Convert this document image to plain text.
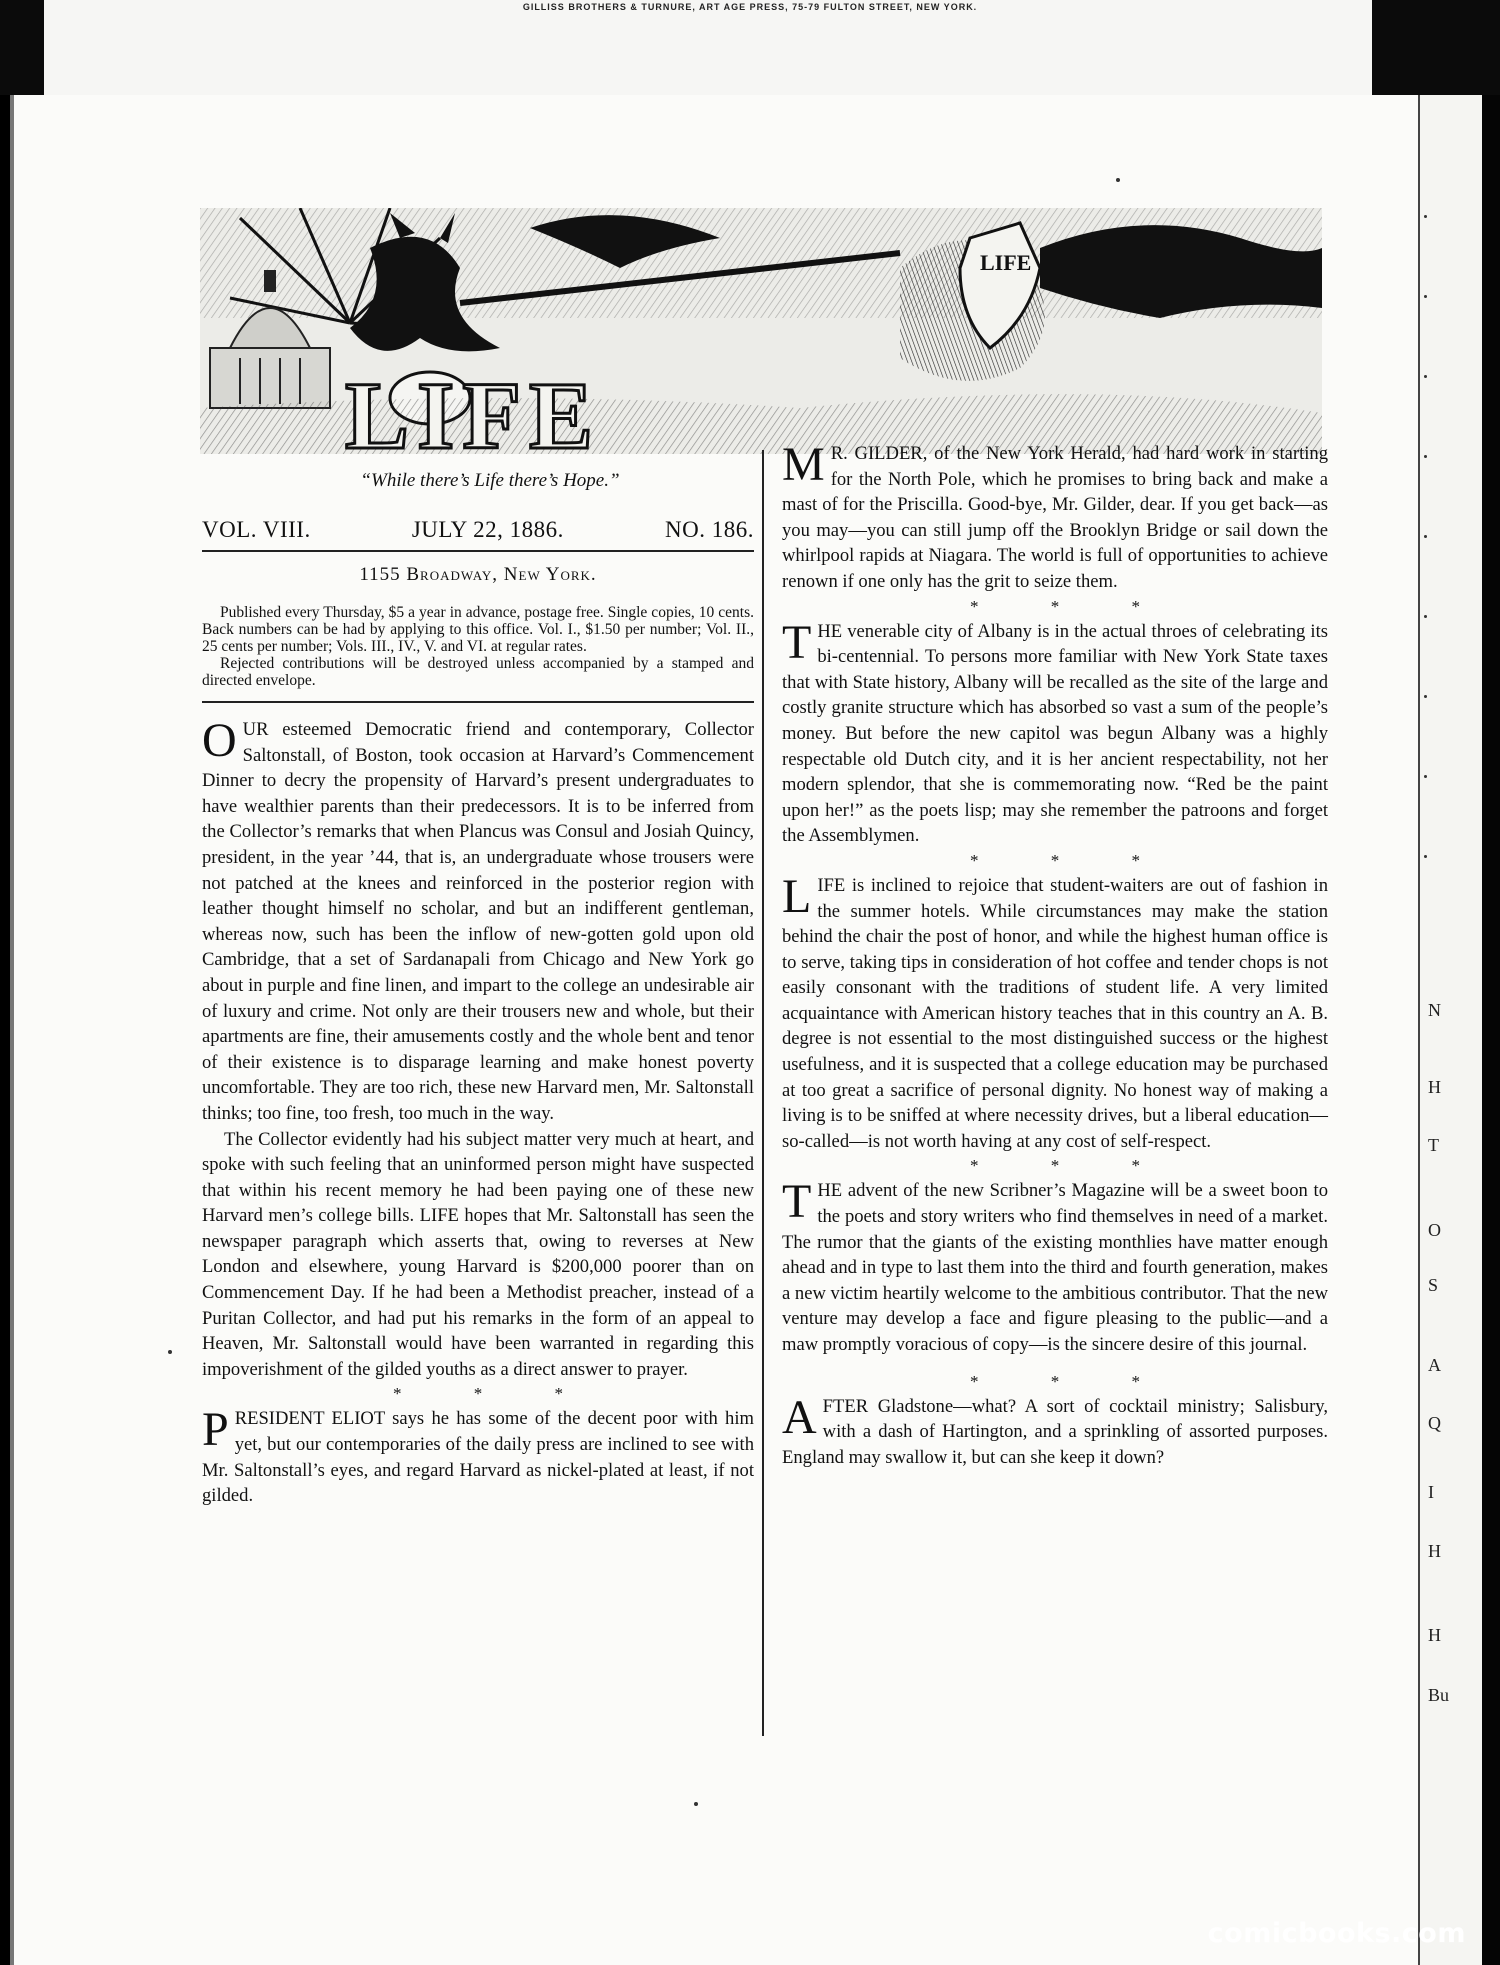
GILLISS BROTHERS & TURNURE, ART AGE PRESS, 75-79 FULTON STREET, NEW YORK.
N
H
T
O
S
A
Q
I
H
H
Bu
LIFE
LIFE
“While there’s Life there’s Hope.”
VOL. VIII.	JULY 22, 1886.	NO. 186.
1155 Broadway, New York.

Published every Thursday, $5 a year in advance, postage free. Single copies, 10 cents. Back numbers can be had by applying to this office. Vol. I., $1.50 per number; Vol. II., 25 cents per number; Vols. III., IV., V. and VI. at regular rates.

Rejected contributions will be destroyed unless accompanied by a stamped and directed envelope.

OUR esteemed Democratic friend and contemporary, Collector Saltonstall, of Boston, took occasion at Harvard’s Commencement Dinner to decry the propensity of Harvard’s present undergraduates to have wealthier parents than their predecessors. It is to be inferred from the Collector’s remarks that when Plancus was Consul and Josiah Quincy, president, in the year ’44, that is, an undergraduate whose trousers were not patched at the knees and reinforced in the posterior region with leather thought himself no scholar, and but an indifferent gentleman, whereas now, such has been the inflow of new-gotten gold upon old Cambridge, that a set of Sardanapali from Chicago and New York go about in purple and fine linen, and impart to the college an undesirable air of luxury and crime. Not only are their trousers new and whole, but their apartments are fine, their amusements costly and the whole bent and tenor of their existence is to disparage learning and make honest poverty uncomfortable. They are too rich, these new Harvard men, Mr. Saltonstall thinks; too fine, too fresh, too much in the way.

The Collector evidently had his subject matter very much at heart, and spoke with such feeling that an uninformed person might have suspected that within his recent memory he had been paying one of these new Harvard men’s college bills. LIFE hopes that Mr. Saltonstall has seen the newspaper paragraph which asserts that, owing to reverses at New London and elsewhere, young Harvard is $200,000 poorer than on Commencement Day. If he had been a Methodist preacher, instead of a Puritan Collector, and had put his remarks in the form of an appeal to Heaven, Mr. Saltonstall would have been warranted in regarding this impoverishment of the gilded youths as a direct answer to prayer.

* * *

PRESIDENT ELIOT says he has some of the decent poor with him yet, but our contemporaries of the daily press are inclined to see with Mr. Saltonstall’s eyes, and regard Harvard as nickel-plated at least, if not gilded.

M R. GILDER, of the New York Herald, had hard work in starting for the North Pole, which he promises to bring back and make a mast of for the Priscilla. Good-bye, Mr. Gilder, dear. If you get back—as you may—you can still jump off the Brooklyn Bridge or sail down the whirlpool rapids at Niagara. The world is full of opportunities to achieve renown if one only has the grit to seize them.

* * *

THE venerable city of Albany is in the actual throes of celebrating its bi-centennial. To persons more familiar with New York State taxes that with State history, Albany will be recalled as the site of the large and costly granite structure which has absorbed so vast a sum of the people’s money. But before the new capitol was begun Albany was a highly respectable old Dutch city, and it is her ancient respectability, not her modern splendor, that she is commemorating now. “Red be the paint upon her!” as the poets lisp; may she remember the patroons and forget the Assemblymen.

* * *

LIFE is inclined to rejoice that student-waiters are out of fashion in the summer hotels. While circumstances may make the station behind the chair the post of honor, and while the highest human office is to serve, taking tips in consideration of hot coffee and tender chops is not easily consonant with the traditions of student life. A very limited acquaintance with American history teaches that in this country an A. B. degree is not essential to the most distinguished success or the highest usefulness, and it is suspected that a college education may be purchased at too great a sacrifice of personal dignity. No honest way of making a living is to be sniffed at where necessity drives, but a liberal education—so-called—is not worth having at any cost of self-respect.

* * *

THE advent of the new Scribner’s Magazine will be a sweet boon to the poets and story writers who find themselves in need of a market. The rumor that the giants of the existing monthlies have matter enough ahead and in type to last them into the third and fourth generation, makes a new victim heartily welcome to the ambitious contributor. That the new venture may develop a face and figure pleasing to the public—and a maw promptly voracious of copy—is the sincere desire of this journal.

* * *

AFTER Gladstone—what? A sort of cocktail ministry; Salisbury, with a dash of Hartington, and a sprinkling of assorted purposes. England may swallow it, but can she keep it down?

comicbooks.com
